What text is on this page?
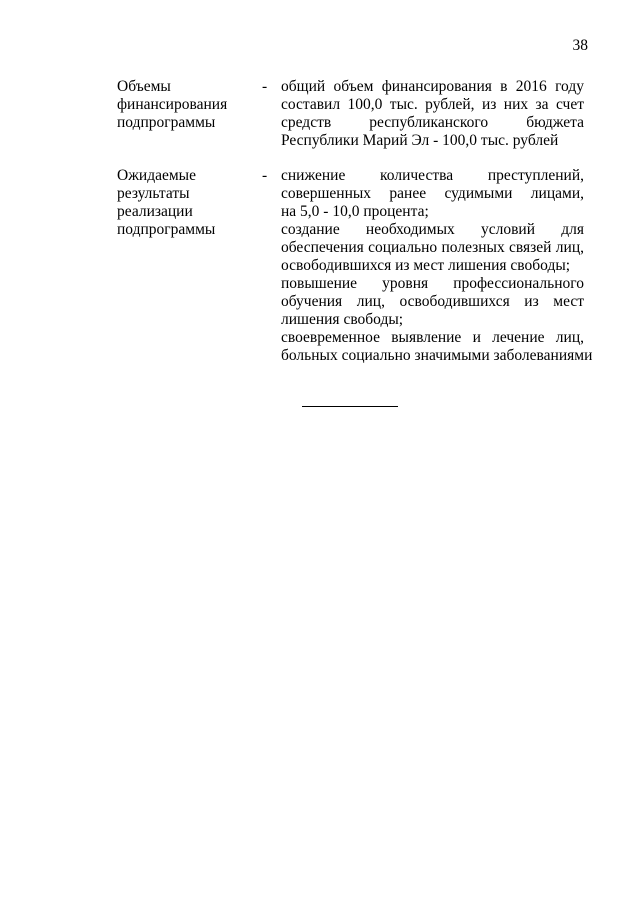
38
Объемы
финансирования
подпрограммы
- общий объем финансирования в 2016 году
составил 100,0 тыс. рублей, из них за счет
средств республиканского бюджета
Республики Марий Эл - 100,0 тыс. рублей
Ожидаемые
результаты
реализации
подпрограммы
- снижение количества преступлений,
совершенных ранее судимыми лицами,
на 5,0 - 10,0 процента;
создание необходимых условий для
обеспечения социально полезных связей лиц,
освободившихся из мест лишения свободы;
повышение уровня профессионального
обучения лиц, освободившихся из мест
лишения свободы;
своевременное выявление и лечение лиц,
больных социально значимыми заболеваниями
